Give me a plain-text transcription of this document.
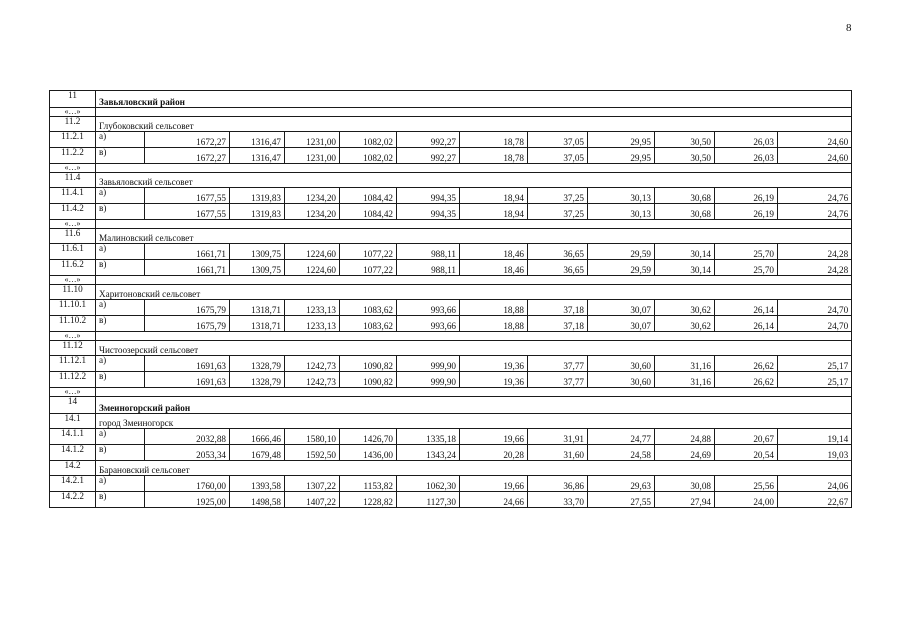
8
11	Завьяловский район											
«…»												
11.2	Глубоковский сельсовет											
11.2.1	а)	1672,27	1316,47	1231,00	1082,02	992,27	18,78	37,05	29,95	30,50	26,03	24,60
11.2.2	в)	1672,27	1316,47	1231,00	1082,02	992,27	18,78	37,05	29,95	30,50	26,03	24,60
«…»												
11.4	Завьяловский сельсовет											
11.4.1	а)	1677,55	1319,83	1234,20	1084,42	994,35	18,94	37,25	30,13	30,68	26,19	24,76
11.4.2	в)	1677,55	1319,83	1234,20	1084,42	994,35	18,94	37,25	30,13	30,68	26,19	24,76
«…»												
11.6	Малиновский сельсовет											
11.6.1	а)	1661,71	1309,75	1224,60	1077,22	988,11	18,46	36,65	29,59	30,14	25,70	24,28
11.6.2	в)	1661,71	1309,75	1224,60	1077,22	988,11	18,46	36,65	29,59	30,14	25,70	24,28
«…»												
11.10	Харитоновский сельсовет											
11.10.1	а)	1675,79	1318,71	1233,13	1083,62	993,66	18,88	37,18	30,07	30,62	26,14	24,70
11.10.2	в)	1675,79	1318,71	1233,13	1083,62	993,66	18,88	37,18	30,07	30,62	26,14	24,70
«…»												
11.12	Чистоозерский сельсовет											
11.12.1	а)	1691,63	1328,79	1242,73	1090,82	999,90	19,36	37,77	30,60	31,16	26,62	25,17
11.12.2	в)	1691,63	1328,79	1242,73	1090,82	999,90	19,36	37,77	30,60	31,16	26,62	25,17
«…»												
14	Змеиногорский район											
14.1	город Змеиногорск											
14.1.1	а)	2032,88	1666,46	1580,10	1426,70	1335,18	19,66	31,91	24,77	24,88	20,67	19,14
14.1.2	в)	2053,34	1679,48	1592,50	1436,00	1343,24	20,28	31,60	24,58	24,69	20,54	19,03
14.2	Барановский сельсовет											
14.2.1	а)	1760,00	1393,58	1307,22	1153,82	1062,30	19,66	36,86	29,63	30,08	25,56	24,06
14.2.2	в)	1925,00	1498,58	1407,22	1228,82	1127,30	24,66	33,70	27,55	27,94	24,00	22,67
